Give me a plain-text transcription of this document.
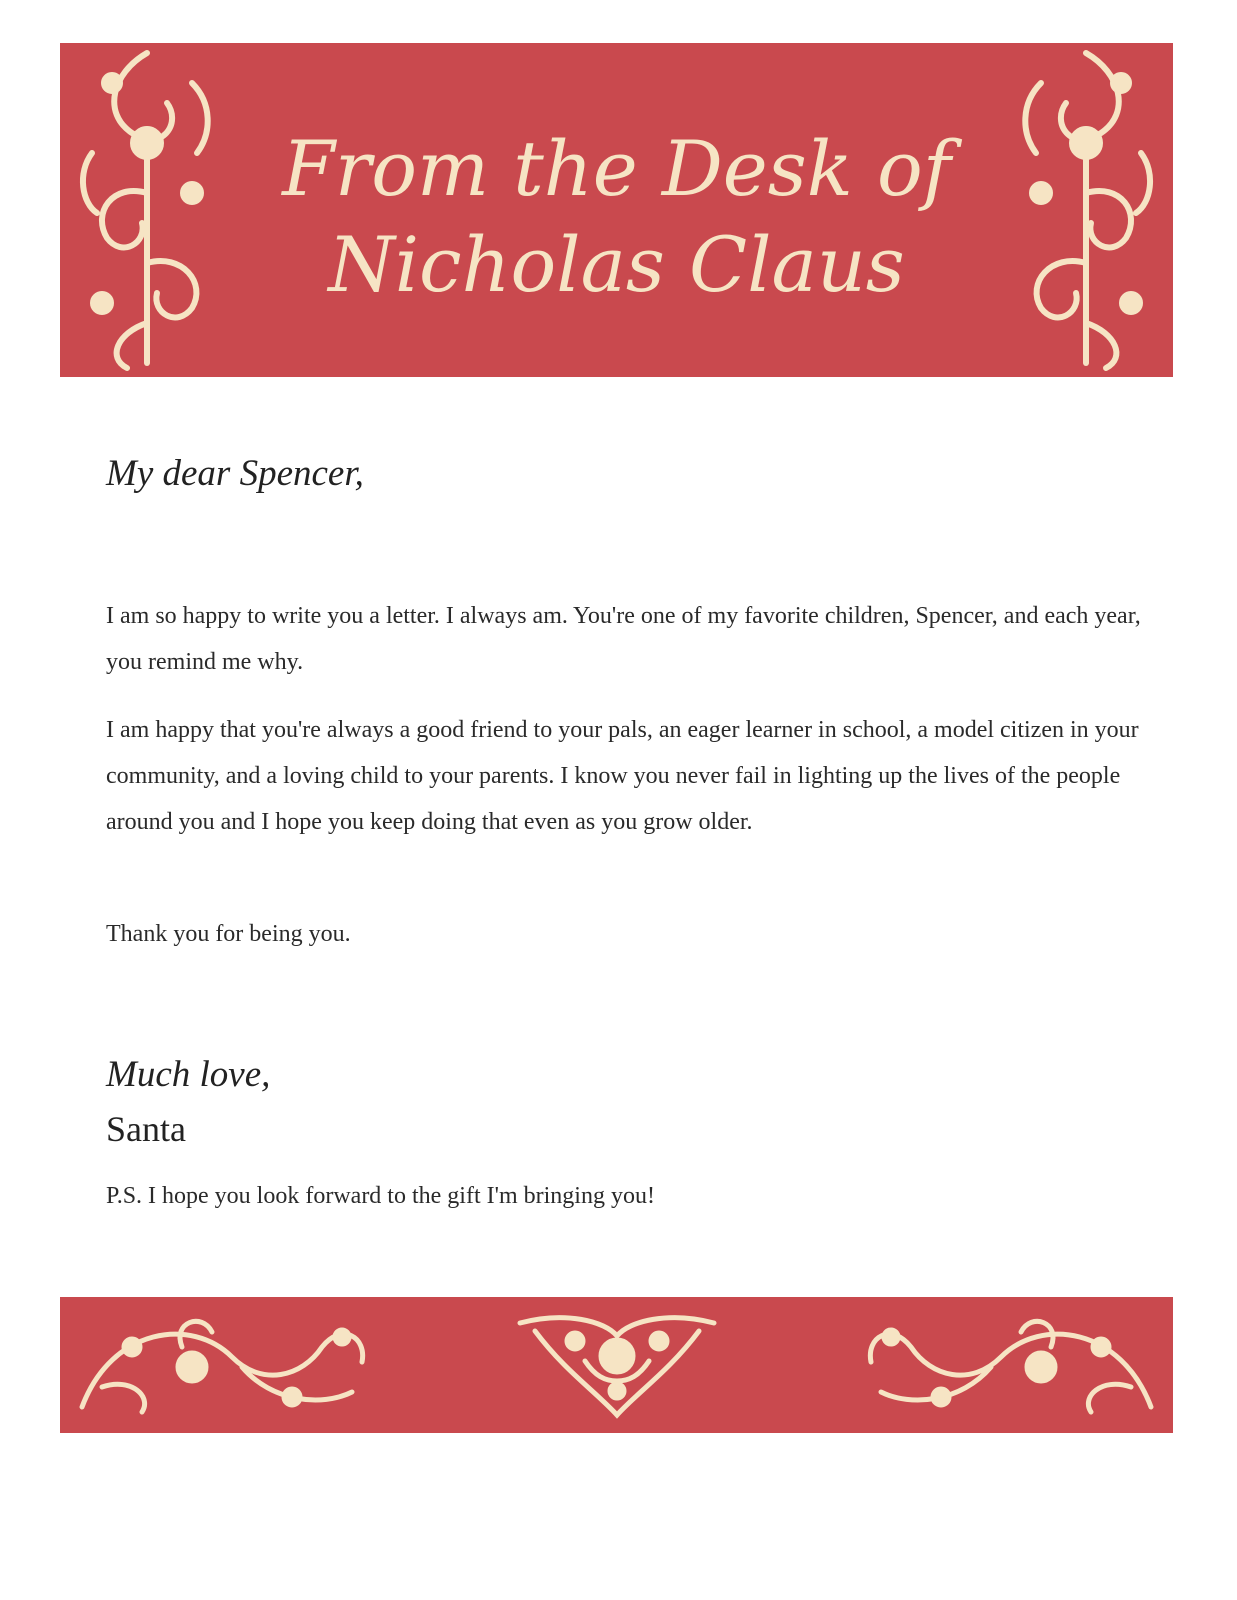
From the Desk of
Nicholas Claus
My dear Spencer,
I am so happy to write you a letter. I always am. You're one of my favorite children, Spencer, and each year, you remind me why.
I am happy that you're always a good friend to your pals, an eager learner in school, a model citizen in your community, and a loving child to your parents. I know you never fail in lighting up the lives of the people around you and I hope you keep doing that even as you grow older.
Thank you for being you.
Much love,
Santa
P.S. I hope you look forward to the gift I'm bringing you!
